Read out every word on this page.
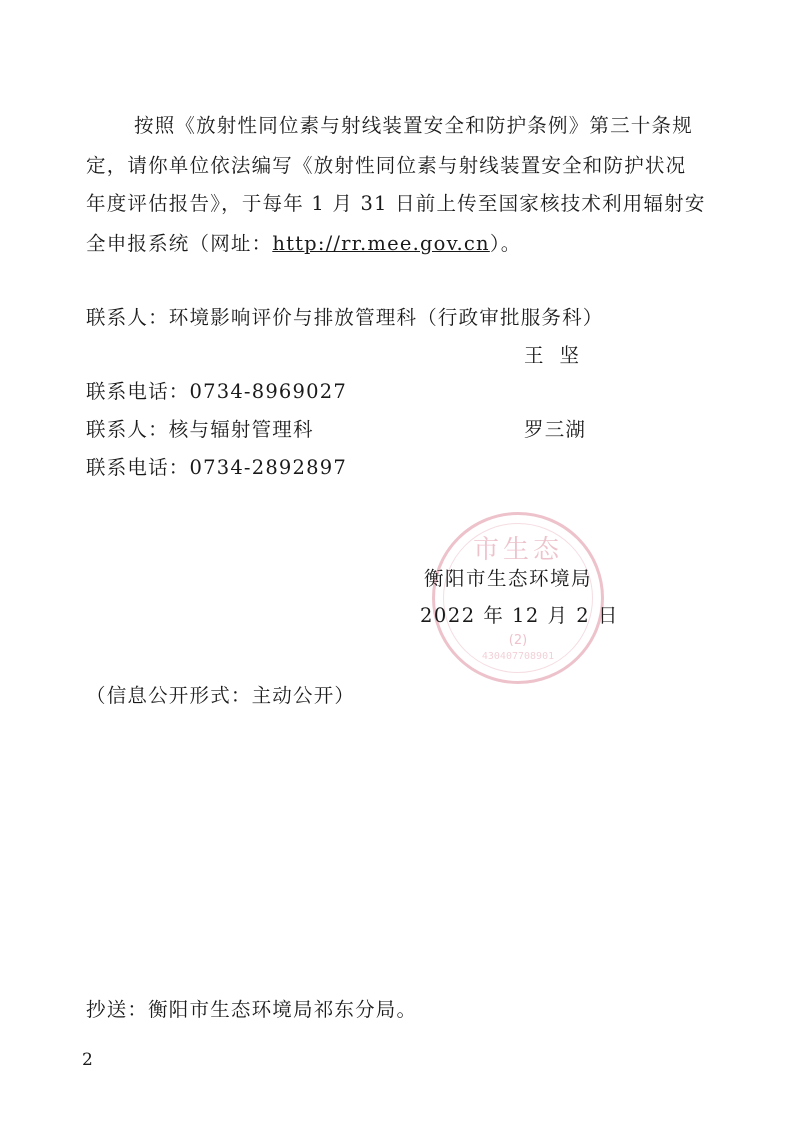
按照《放射性同位素与射线装置安全和防护条例》第三十条规
定，请你单位依法编写《放射性同位素与射线装置安全和防护状况
年度评估报告》，于每年 1 月 31 日前上传至国家核技术利用辐射安
全申报系统（网址：http://rr.mee.gov.cn）。
联系人：环境影响评价与排放管理科（行政审批服务科）
王  坚
联系电话：0734-8969027
联系人：核与辐射管理科	罗三湖
联系电话：0734-2892897
市生态
(2)
430407708901
衡阳市生态环境局
2022 年 12 月 2 日
（信息公开形式：主动公开）
抄送：衡阳市生态环境局祁东分局。
2
